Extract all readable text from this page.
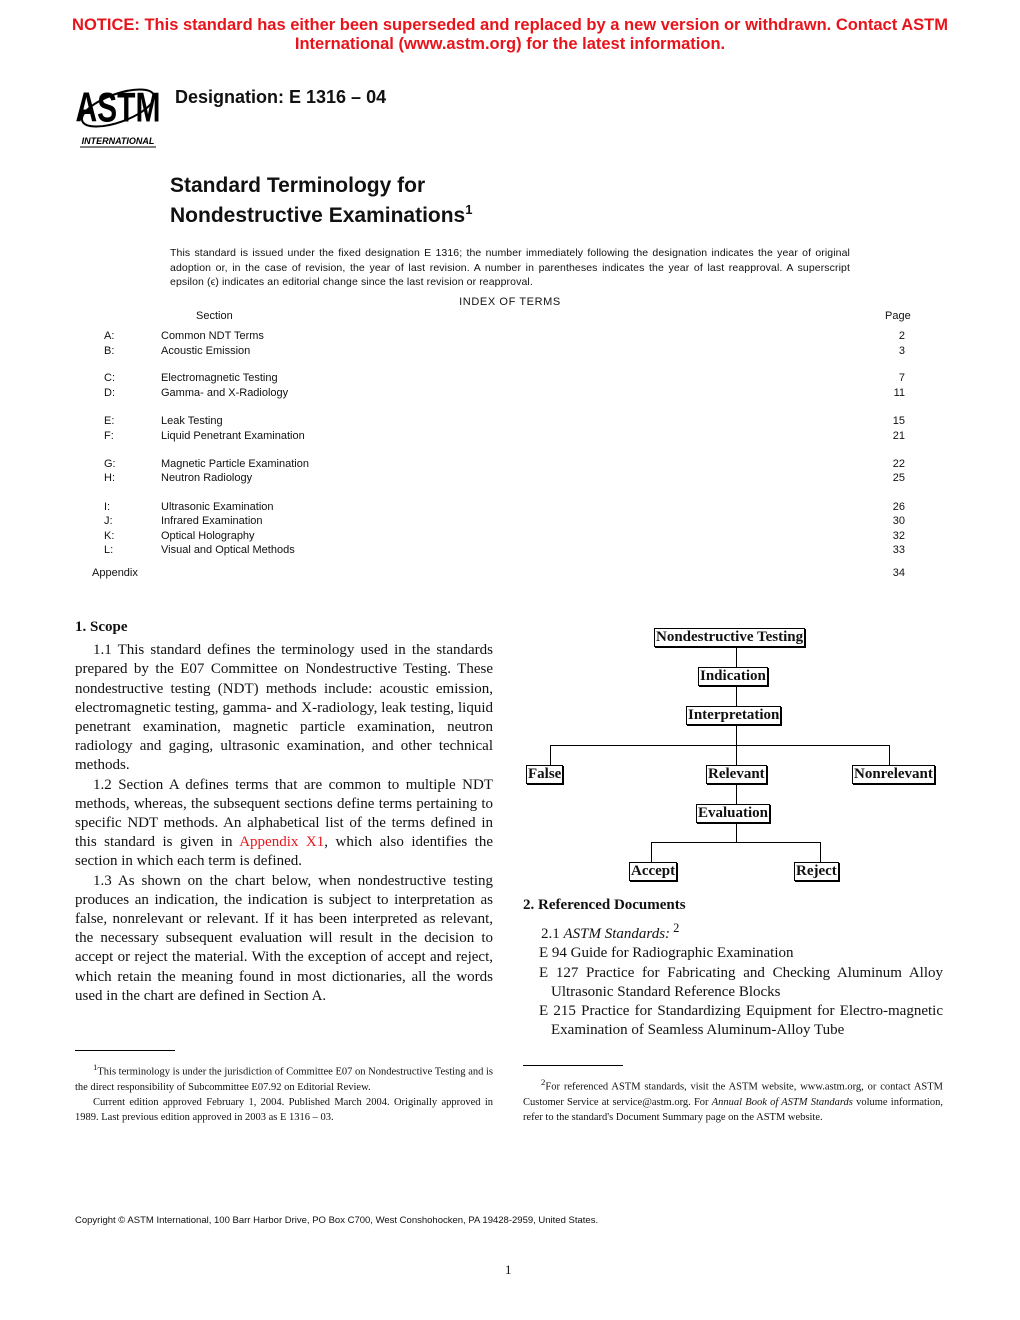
NOTICE: This standard has either been superseded and replaced by a new version or withdrawn. Contact ASTM International (www.astm.org) for the latest information.
ASTM
INTERNATIONAL
Designation: E 1316 – 04
Standard Terminology for
Nondestructive Examinations$^1$
This standard is issued under the fixed designation E 1316; the number immediately following the designation indicates the year of original adoption or, in the case of revision, the year of last revision. A number in parentheses indicates the year of last reapproval. A superscript epsilon (ϵ) indicates an editorial change since the last revision or reapproval.
INDEX OF TERMS
Section	Page
A:	Common NDT Terms	2
B:	Acoustic Emission	3
C:	Electromagnetic Testing	7
D:	Gamma- and X-Radiology	11
E:	Leak Testing	15
F:	Liquid Penetrant Examination	21
G:	Magnetic Particle Examination	22
H:	Neutron Radiology	25
I:	Ultrasonic Examination	26
J:	Infrared Examination	30
K:	Optical Holography	32
L:	Visual and Optical Methods	33
Appendix	34
1. Scope

1.1 This standard defines the terminology used in the standards prepared by the E07 Committee on Nondestructive Testing. These nondestructive testing (NDT) methods include: acoustic emission, electromagnetic testing, gamma- and X-radiology, leak testing, liquid penetrant examination, magnetic particle examination, neutron radiology and gaging, ultrasonic examination, and other technical methods.

1.2 Section A defines terms that are common to multiple NDT methods, whereas, the subsequent sections define terms pertaining to specific NDT methods. An alphabetical list of the terms defined in this standard is given in Appendix X1, which also identifies the section in which each term is defined.

1.3 As shown on the chart below, when nondestructive testing produces an indication, the indication is subject to interpretation as false, nonrelevant or relevant. If it has been interpreted as relevant, the necessary subsequent evaluation will result in the decision to accept or reject the material. With the exception of accept and reject, which retain the meaning found in most dictionaries, all the words used in the chart are defined in Section A.

Nondestructive Testing
Indication
Interpretation
False	Relevant	Nonrelevant
Evaluation
Accept	Reject
2. Referenced Documents

2.1 ASTM Standards: $^2$

E 94 Guide for Radiographic Examination

E 127 Practice for Fabricating and Checking Aluminum Alloy Ultrasonic Standard Reference Blocks

E 215 Practice for Standardizing Equipment for Electro-magnetic Examination of Seamless Aluminum-Alloy Tube

$^1$This terminology is under the jurisdiction of Committee E07 on Nondestructive Testing and is the direct responsibility of Subcommittee E07.92 on Editorial Review.

Current edition approved February 1, 2004. Published March 2004. Originally approved in 1989. Last previous edition approved in 2003 as E 1316 – 03.

$^2$For referenced ASTM standards, visit the ASTM website, www.astm.org, or contact ASTM Customer Service at service@astm.org. For Annual Book of ASTM Standards volume information, refer to the standard's Document Summary page on the ASTM website.

Copyright © ASTM International, 100 Barr Harbor Drive, PO Box C700, West Conshohocken, PA 19428-2959, United States.
1
